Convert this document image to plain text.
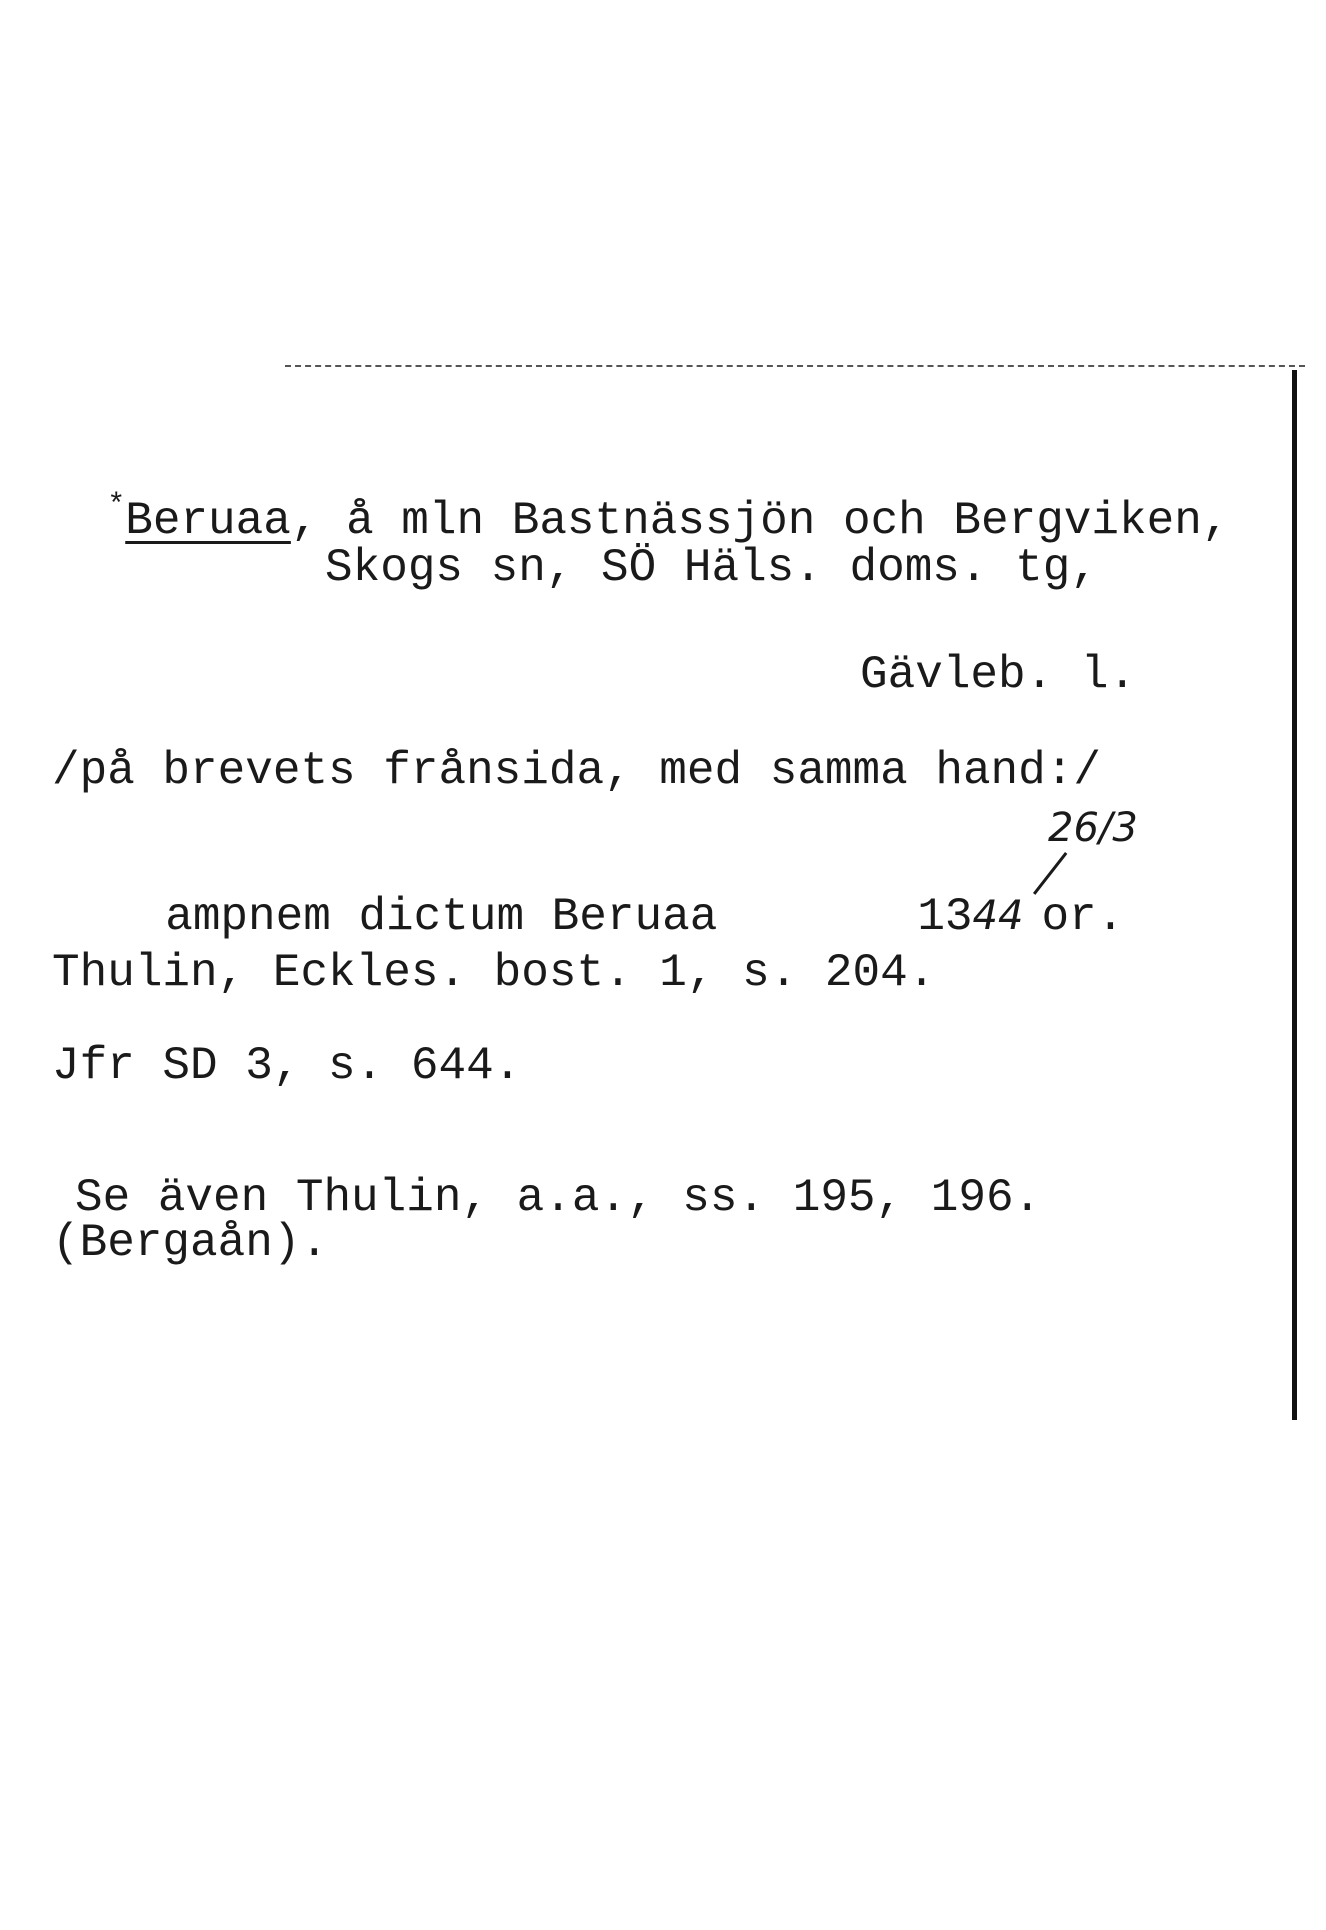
*Beruaa, å mln Bastnässjön och Bergviken,

Skogs sn, SÖ Häls. doms. tg,
Gävleb. l.
/på brevets frånsida, med samma hand:/
26/3

ampnem dictum Beruaa	1344 or.

Thulin, Eckles. bost. 1, s. 204.
Jfr SD 3, s. 644.
Se även Thulin, a.a., ss. 195, 196.
(Bergaån).
